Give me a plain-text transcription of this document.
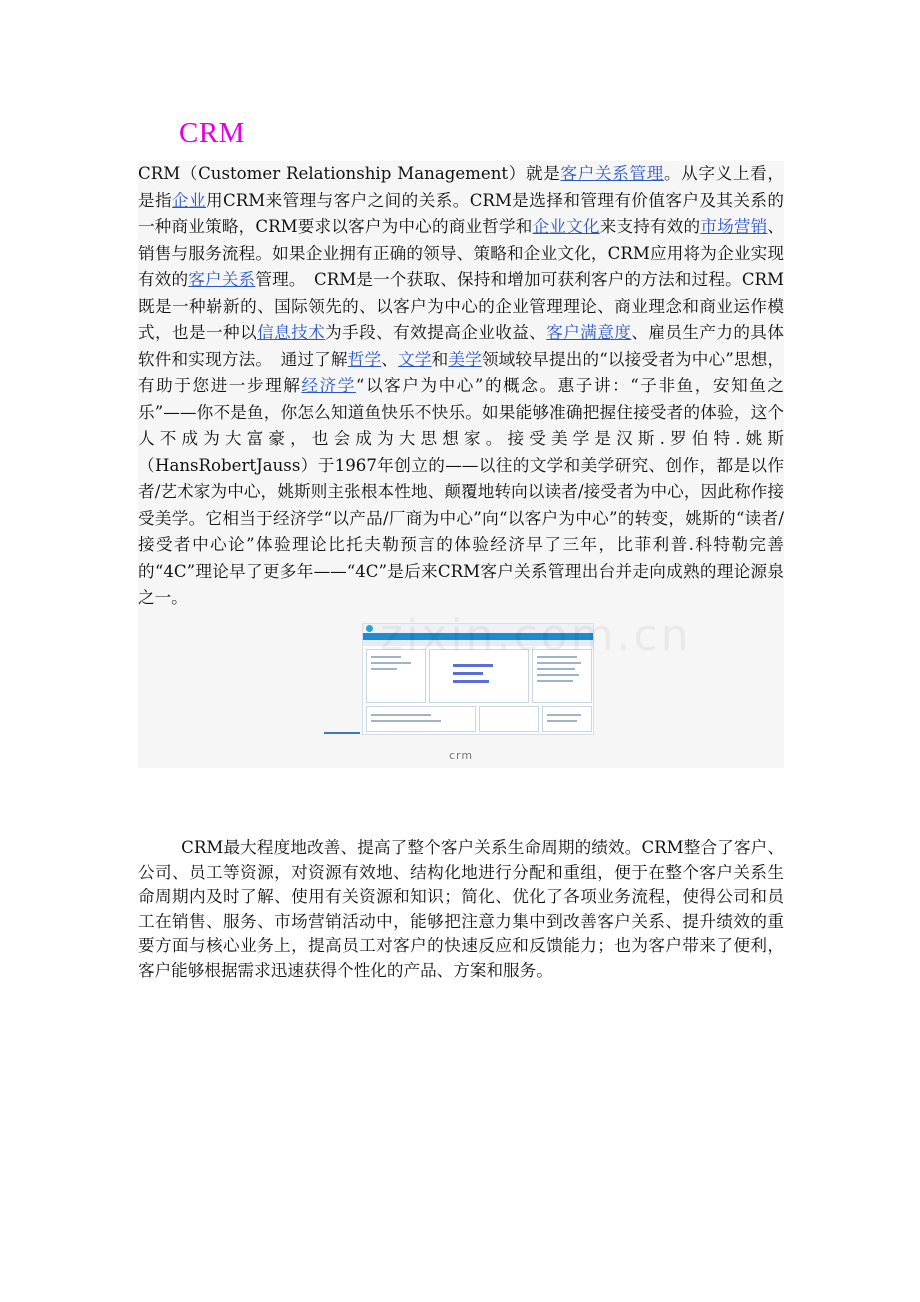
CRM

CRM（Customer Relationship Management）就是客户关系管理。从字义上看，是指企业用CRM来管理与客户之间的关系。CRM是选择和管理有价值客户及其关系的一种商业策略，CRM要求以客户为中心的商业哲学和企业文化来支持有效的市场营销、销售与服务流程。如果企业拥有正确的领导、策略和企业文化，CRM应用将为企业实现有效的客户关系管理。　CRM是一个获取、保持和增加可获利客户的方法和过程。CRM既是一种崭新的、国际领先的、以客户为中心的企业管理理论、商业理念和商业运作模式，也是一种以信息技术为手段、有效提高企业收益、客户满意度、雇员生产力的具体软件和实现方法。　通过了解哲学、文学和美学领域较早提出的“以接受者为中心”思想，有助于您进一步理解经济学“以客户为中心”的概念。惠子讲：“子非鱼，安知鱼之乐”——你不是鱼，你怎么知道鱼快乐不快乐。如果能够准确把握住接受者的体验，这个人不成为大富豪，也会成为大思想家。接受美学是汉斯.罗伯特.姚斯（HansRobertJauss）于1967年创立的——以往的文学和美学研究、创作，都是以作者/艺术家为中心，姚斯则主张根本性地、颠覆地转向以读者/接受者为中心，因此称作接受美学。它相当于经济学“以产品/厂商为中心”向“以客户为中心”的转变，姚斯的“读者/接受者中心论”体验理论比托夫勒预言的体验经济早了三年，比菲利普.科特勒完善的“4C”理论早了更多年——“4C”是后来CRM客户关系管理出台并走向成熟的理论源泉之一。

crm

CRM最大程度地改善、提高了整个客户关系生命周期的绩效。CRM整合了客户、公司、员工等资源，对资源有效地、结构化地进行分配和重组，便于在整个客户关系生命周期内及时了解、使用有关资源和知识；简化、优化了各项业务流程，使得公司和员工在销售、服务、市场营销活动中，能够把注意力集中到改善客户关系、提升绩效的重要方面与核心业务上，提高员工对客户的快速反应和反馈能力；也为客户带来了便利，客户能够根据需求迅速获得个性化的产品、方案和服务。

zixin.com.cn
